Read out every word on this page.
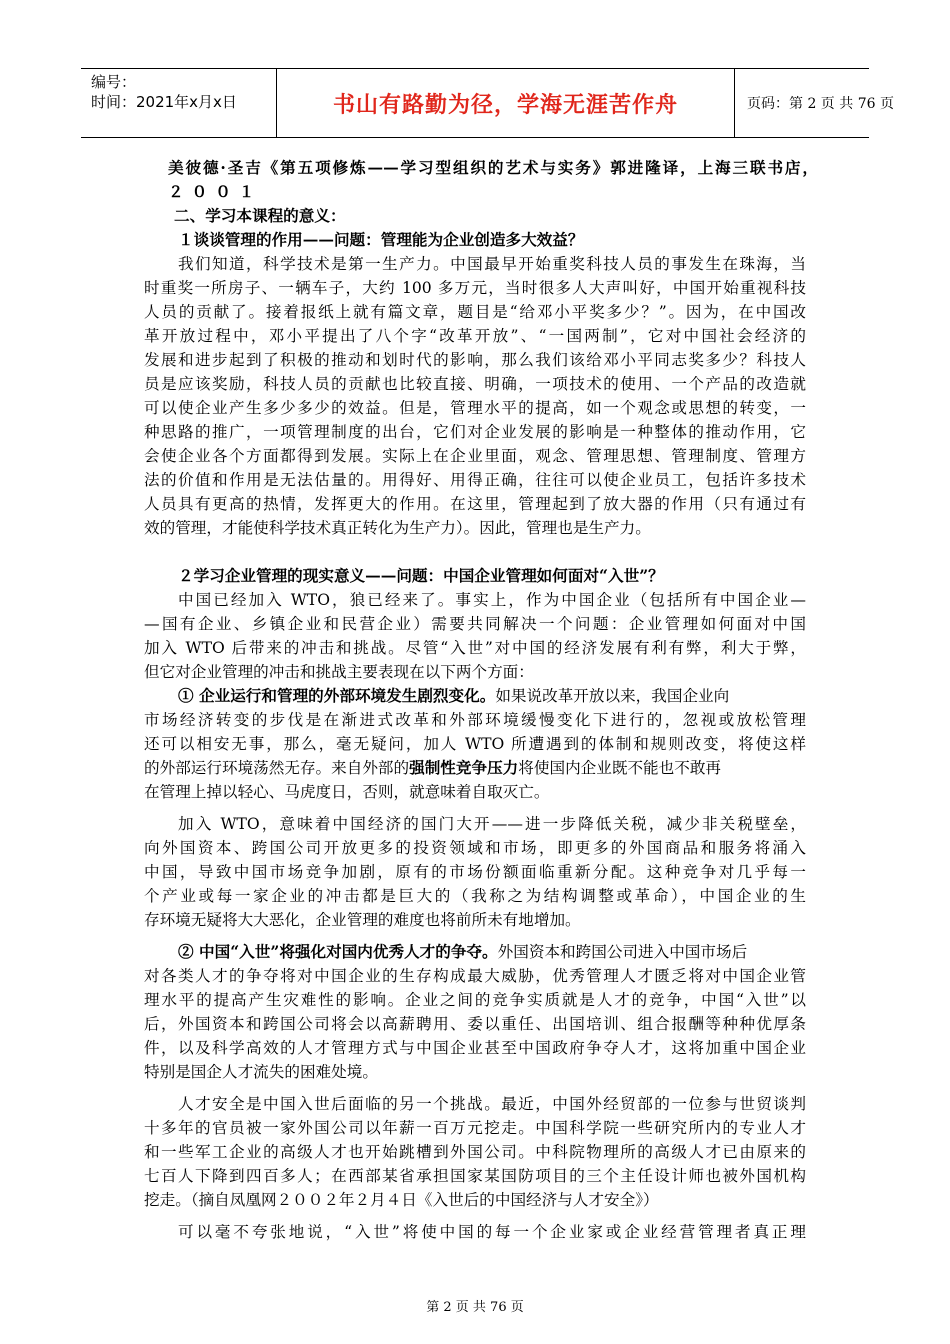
编号：
时间：2021年x月x日	书山有路勤为径，学海无涯苦作舟	页码：第 2 页 共 76 页
美彼德·圣吉《第五项修炼——学习型组织的艺术与实务》郭进隆译，上海三联书店，
２００１
二、学习本课程的意义：
１谈谈管理的作用——问题：管理能为企业创造多大效益？
我们知道，科学技术是第一生产力。中国最早开始重奖科技人员的事发生在珠海，当
时重奖一所房子、一辆车子，大约 100 多万元，当时很多人大声叫好，中国开始重视科技
人员的贡献了。接着报纸上就有篇文章，题目是“给邓小平奖多少？”。因为，在中国改
革开放过程中，邓小平提出了八个字“改革开放”、“一国两制”，它对中国社会经济的
发展和进步起到了积极的推动和划时代的影响，那么我们该给邓小平同志奖多少？科技人
员是应该奖励，科技人员的贡献也比较直接、明确，一项技术的使用、一个产品的改造就
可以使企业产生多少多少的效益。但是，管理水平的提高，如一个观念或思想的转变，一
种思路的推广，一项管理制度的出台，它们对企业发展的影响是一种整体的推动作用，它
会使企业各个方面都得到发展。实际上在企业里面，观念、管理思想、管理制度、管理方
法的价值和作用是无法估量的。用得好、用得正确，往往可以使企业员工，包括许多技术
人员具有更高的热情，发挥更大的作用。在这里，管理起到了放大器的作用（只有通过有
效的管理，才能使科学技术真正转化为生产力）。因此，管理也是生产力。
２学习企业管理的现实意义——问题：中国企业管理如何面对“入世”？
中国已经加入 WTO，狼已经来了。事实上，作为中国企业（包括所有中国企业—
—国有企业、乡镇企业和民营企业）需要共同解决一个问题：企业管理如何面对中国
加入 WTO 后带来的冲击和挑战。尽管“入世”对中国的经济发展有利有弊，利大于弊，
但它对企业管理的冲击和挑战主要表现在以下两个方面：
① 企业运行和管理的外部环境发生剧烈变化。如果说改革开放以来，我国企业向
市场经济转变的步伐是在渐进式改革和外部环境缓慢变化下进行的，忽视或放松管理
还可以相安无事，那么，毫无疑问，加人 WTO 所遭遇到的体制和规则改变，将使这样
的外部运行环境荡然无存。来自外部的强制性竞争压力将使国内企业既不能也不敢再
在管理上掉以轻心、马虎度日，否则，就意味着自取灭亡。
加入 WTO，意味着中国经济的国门大开——进一步降低关税，减少非关税壁垒，
向外国资本、跨国公司开放更多的投资领域和市场，即更多的外国商品和服务将涌入
中国，导致中国市场竞争加剧，原有的市场份额面临重新分配。这种竞争对几乎每一
个产业或每一家企业的冲击都是巨大的（我称之为结构调整或革命），中国企业的生
存环境无疑将大大恶化，企业管理的难度也将前所未有地增加。
② 中国“入世”将强化对国内优秀人才的争夺。外国资本和跨国公司进入中国市场后
对各类人才的争夺将对中国企业的生存构成最大威胁，优秀管理人才匮乏将对中国企业管
理水平的提高产生灾难性的影响。企业之间的竞争实质就是人才的竞争，中国“入世”以
后，外国资本和跨国公司将会以高薪聘用、委以重任、出国培训、组合报酬等种种优厚条
件，以及科学高效的人才管理方式与中国企业甚至中国政府争夺人才，这将加重中国企业
特别是国企人才流失的困难处境。
人才安全是中国入世后面临的另一个挑战。最近，中国外经贸部的一位参与世贸谈判
十多年的官员被一家外国公司以年薪一百万元挖走。中国科学院一些研究所内的专业人才
和一些军工企业的高级人才也开始跳槽到外国公司。中科院物理所的高级人才已由原来的
七百人下降到四百多人；在西部某省承担国家某国防项目的三个主任设计师也被外国机构
挖走。（摘自凤凰网２００２年２月４日《入世后的中国经济与人才安全》）
可以毫不夸张地说，“入世”将使中国的每一个企业家或企业经营管理者真正理
第 2 页 共 76 页
